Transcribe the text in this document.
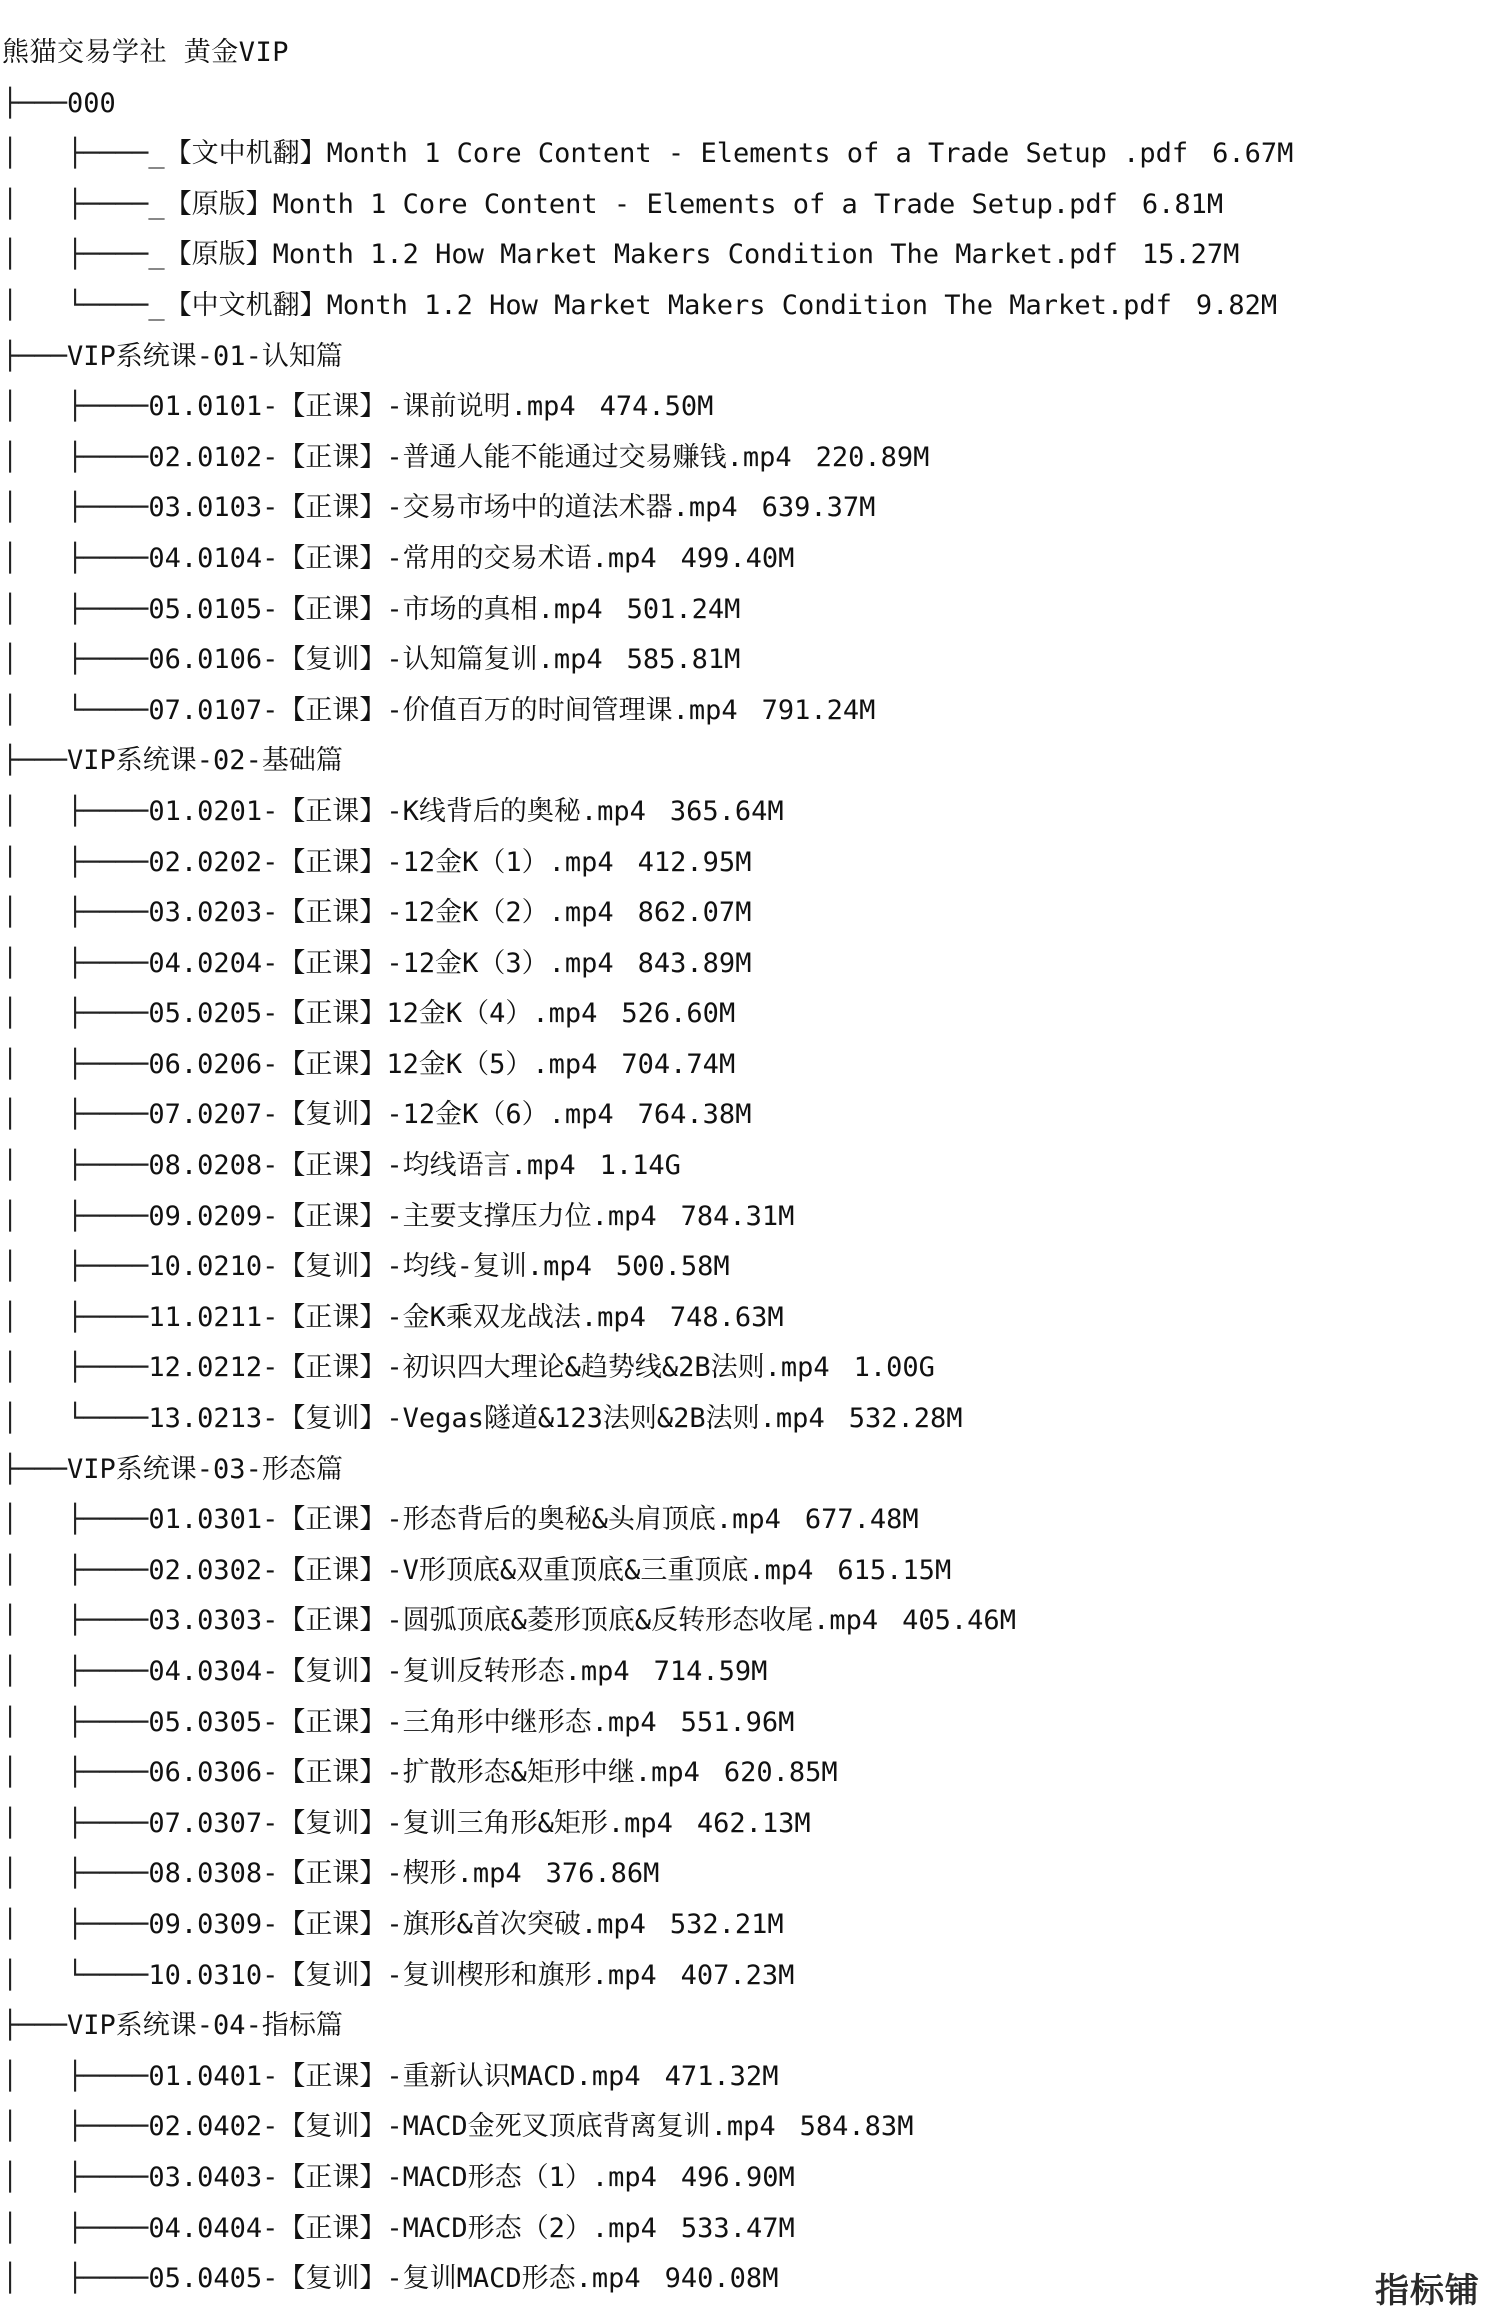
熊猫交易学社 黄金VIP
├───000
│   ├────_【文中机翻】Month 1 Core Content - Elements of a Trade Setup .pdf 6.67M
│   ├────_【原版】Month 1 Core Content - Elements of a Trade Setup.pdf 6.81M
│   ├────_【原版】Month 1.2 How Market Makers Condition The Market.pdf 15.27M
│   └────_【中文机翻】Month 1.2 How Market Makers Condition The Market.pdf 9.82M
├───VIP系统课-01-认知篇
│   ├────01.0101-【正课】-课前说明.mp4 474.50M
│   ├────02.0102-【正课】-普通人能不能通过交易赚钱.mp4 220.89M
│   ├────03.0103-【正课】-交易市场中的道法术器.mp4 639.37M
│   ├────04.0104-【正课】-常用的交易术语.mp4 499.40M
│   ├────05.0105-【正课】-市场的真相.mp4 501.24M
│   ├────06.0106-【复训】-认知篇复训.mp4 585.81M
│   └────07.0107-【正课】-价值百万的时间管理课.mp4 791.24M
├───VIP系统课-02-基础篇
│   ├────01.0201-【正课】-K线背后的奥秘.mp4 365.64M
│   ├────02.0202-【正课】-12金K（1）.mp4 412.95M
│   ├────03.0203-【正课】-12金K（2）.mp4 862.07M
│   ├────04.0204-【正课】-12金K（3）.mp4 843.89M
│   ├────05.0205-【正课】12金K（4）.mp4 526.60M
│   ├────06.0206-【正课】12金K（5）.mp4 704.74M
│   ├────07.0207-【复训】-12金K（6）.mp4 764.38M
│   ├────08.0208-【正课】-均线语言.mp4 1.14G
│   ├────09.0209-【正课】-主要支撑压力位.mp4 784.31M
│   ├────10.0210-【复训】-均线-复训.mp4 500.58M
│   ├────11.0211-【正课】-金K乘双龙战法.mp4 748.63M
│   ├────12.0212-【正课】-初识四大理论&趋势线&2B法则.mp4 1.00G
│   └────13.0213-【复训】-Vegas隧道&123法则&2B法则.mp4 532.28M
├───VIP系统课-03-形态篇
│   ├────01.0301-【正课】-形态背后的奥秘&头肩顶底.mp4 677.48M
│   ├────02.0302-【正课】-V形顶底&双重顶底&三重顶底.mp4 615.15M
│   ├────03.0303-【正课】-圆弧顶底&菱形顶底&反转形态收尾.mp4 405.46M
│   ├────04.0304-【复训】-复训反转形态.mp4 714.59M
│   ├────05.0305-【正课】-三角形中继形态.mp4 551.96M
│   ├────06.0306-【正课】-扩散形态&矩形中继.mp4 620.85M
│   ├────07.0307-【复训】-复训三角形&矩形.mp4 462.13M
│   ├────08.0308-【正课】-楔形.mp4 376.86M
│   ├────09.0309-【正课】-旗形&首次突破.mp4 532.21M
│   └────10.0310-【复训】-复训楔形和旗形.mp4 407.23M
├───VIP系统课-04-指标篇
│   ├────01.0401-【正课】-重新认识MACD.mp4 471.32M
│   ├────02.0402-【复训】-MACD金死叉顶底背离复训.mp4 584.83M
│   ├────03.0403-【正课】-MACD形态（1）.mp4 496.90M
│   ├────04.0404-【正课】-MACD形态（2）.mp4 533.47M
│   ├────05.0405-【复训】-复训MACD形态.mp4 940.08M	指标铺
